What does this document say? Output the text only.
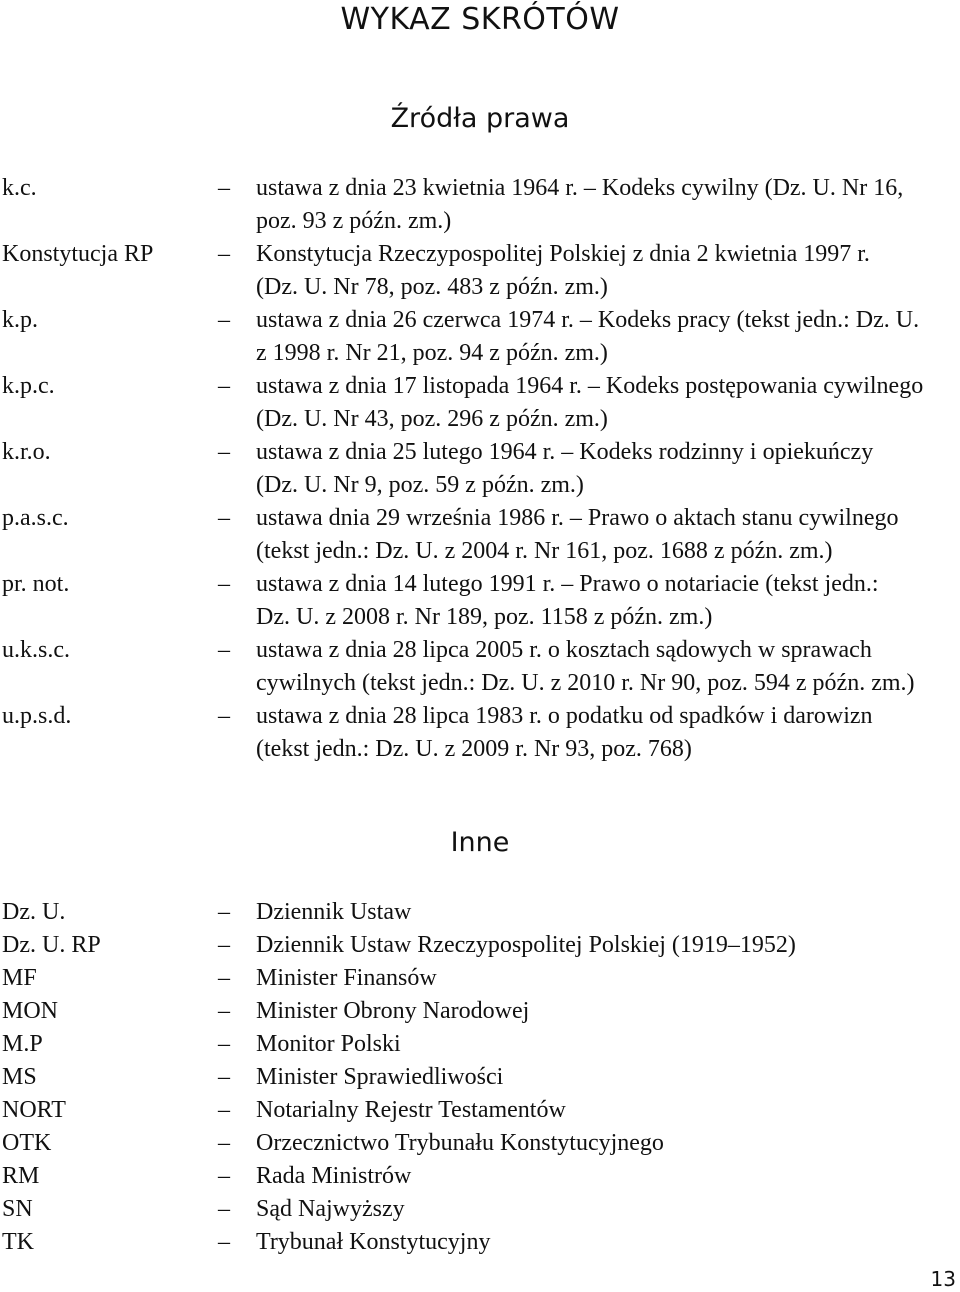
WYKAZ SKRÓTÓW
Źródła prawa
k.c.	– ustawa z dnia 23 kwietnia 1964 r. – Kodeks cywilny (Dz. U. Nr 16,
poz. 93 z późn. zm.)
Konstytucja RP	– Konstytucja Rzeczypospolitej Polskiej z dnia 2 kwietnia 1997 r.
(Dz. U. Nr 78, poz. 483 z późn. zm.)
k.p.	– ustawa z dnia 26 czerwca 1974 r. – Kodeks pracy (tekst jedn.: Dz. U.
z 1998 r. Nr 21, poz. 94 z późn. zm.)
k.p.c.	– ustawa z dnia 17 listopada 1964 r. – Kodeks postępowania cywilnego
(Dz. U. Nr 43, poz. 296 z późn. zm.)
k.r.o.	– ustawa z dnia 25 lutego 1964 r. – Kodeks rodzinny i opiekuńczy
(Dz. U. Nr 9, poz. 59 z późn. zm.)
p.a.s.c.	– ustawa dnia 29 września 1986 r. – Prawo o aktach stanu cywilnego
(tekst jedn.: Dz. U. z 2004 r. Nr 161, poz. 1688 z późn. zm.)
pr. not.	– ustawa z dnia 14 lutego 1991 r. – Prawo o notariacie (tekst jedn.:
Dz. U. z 2008 r. Nr 189, poz. 1158 z późn. zm.)
u.k.s.c.	– ustawa z dnia 28 lipca 2005 r. o kosztach sądowych w sprawach
cywilnych (tekst jedn.: Dz. U. z 2010 r. Nr 90, poz. 594 z późn. zm.)
u.p.s.d.	– ustawa z dnia 28 lipca 1983 r. o podatku od spadków i darowizn
(tekst jedn.: Dz. U. z 2009 r. Nr 93, poz. 768)
Inne
Dz. U.	– Dziennik Ustaw
Dz. U. RP	– Dziennik Ustaw Rzeczypospolitej Polskiej (1919–1952)
MF	– Minister Finansów
MON	– Minister Obrony Narodowej
M.P	– Monitor Polski
MS	– Minister Sprawiedliwości
NORT	– Notarialny Rejestr Testamentów
OTK	– Orzecznictwo Trybunału Konstytucyjnego
RM	– Rada Ministrów
SN	– Sąd Najwyższy
TK	– Trybunał Konstytucyjny
13
